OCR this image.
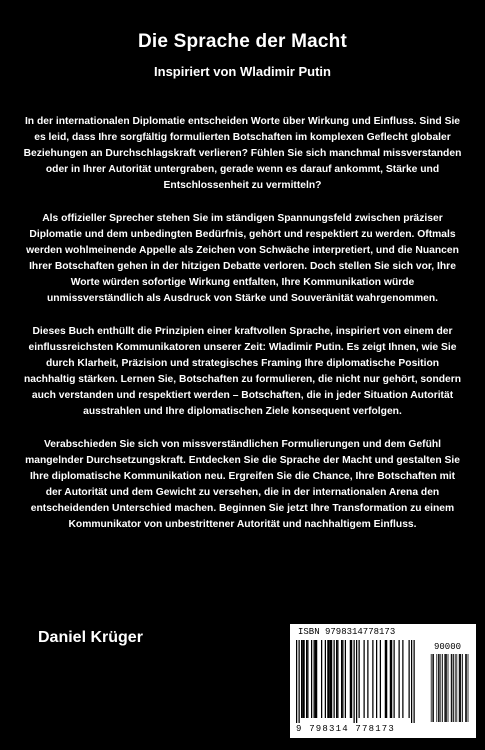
Die Sprache der Macht
Inspiriert von Wladimir Putin

In der internationalen Diplomatie entscheiden Worte über Wirkung und Einfluss. Sind Sie es leid, dass Ihre sorgfältig formulierten Botschaften im komplexen Geflecht globaler Beziehungen an Durchschlagskraft verlieren? Fühlen Sie sich manchmal missverstanden oder in Ihrer Autorität untergraben, gerade wenn es darauf ankommt, Stärke und Entschlossenheit zu vermitteln?

Als offizieller Sprecher stehen Sie im ständigen Spannungsfeld zwischen präziser Diplomatie und dem unbedingten Bedürfnis, gehört und respektiert zu werden. Oftmals werden wohlmeinende Appelle als Zeichen von Schwäche interpretiert, und die Nuancen Ihrer Botschaften gehen in der hitzigen Debatte verloren. Doch stellen Sie sich vor, Ihre Worte würden sofortige Wirkung entfalten, Ihre Kommunikation würde unmissverständlich als Ausdruck von Stärke und Souveränität wahrgenommen.

Dieses Buch enthüllt die Prinzipien einer kraftvollen Sprache, inspiriert von einem der einflussreichsten Kommunikatoren unserer Zeit: Wladimir Putin. Es zeigt Ihnen, wie Sie durch Klarheit, Präzision und strategisches Framing Ihre diplomatische Position nachhaltig stärken. Lernen Sie, Botschaften zu formulieren, die nicht nur gehört, sondern auch verstanden und respektiert werden – Botschaften, die in jeder Situation Autorität ausstrahlen und Ihre diplomatischen Ziele konsequent verfolgen.

Verabschieden Sie sich von missverständlichen Formulierungen und dem Gefühl mangelnder Durchsetzungskraft. Entdecken Sie die Sprache der Macht und gestalten Sie Ihre diplomatische Kommunikation neu. Ergreifen Sie die Chance, Ihre Botschaften mit der Autorität und dem Gewicht zu versehen, die in der internationalen Arena den entscheidenden Unterschied machen. Beginnen Sie jetzt Ihre Transformation zu einem Kommunikator von unbestrittener Autorität und nachhaltigem Einfluss.

Daniel Krüger	ISBN 9798314778173
90000
9 798314 778173
